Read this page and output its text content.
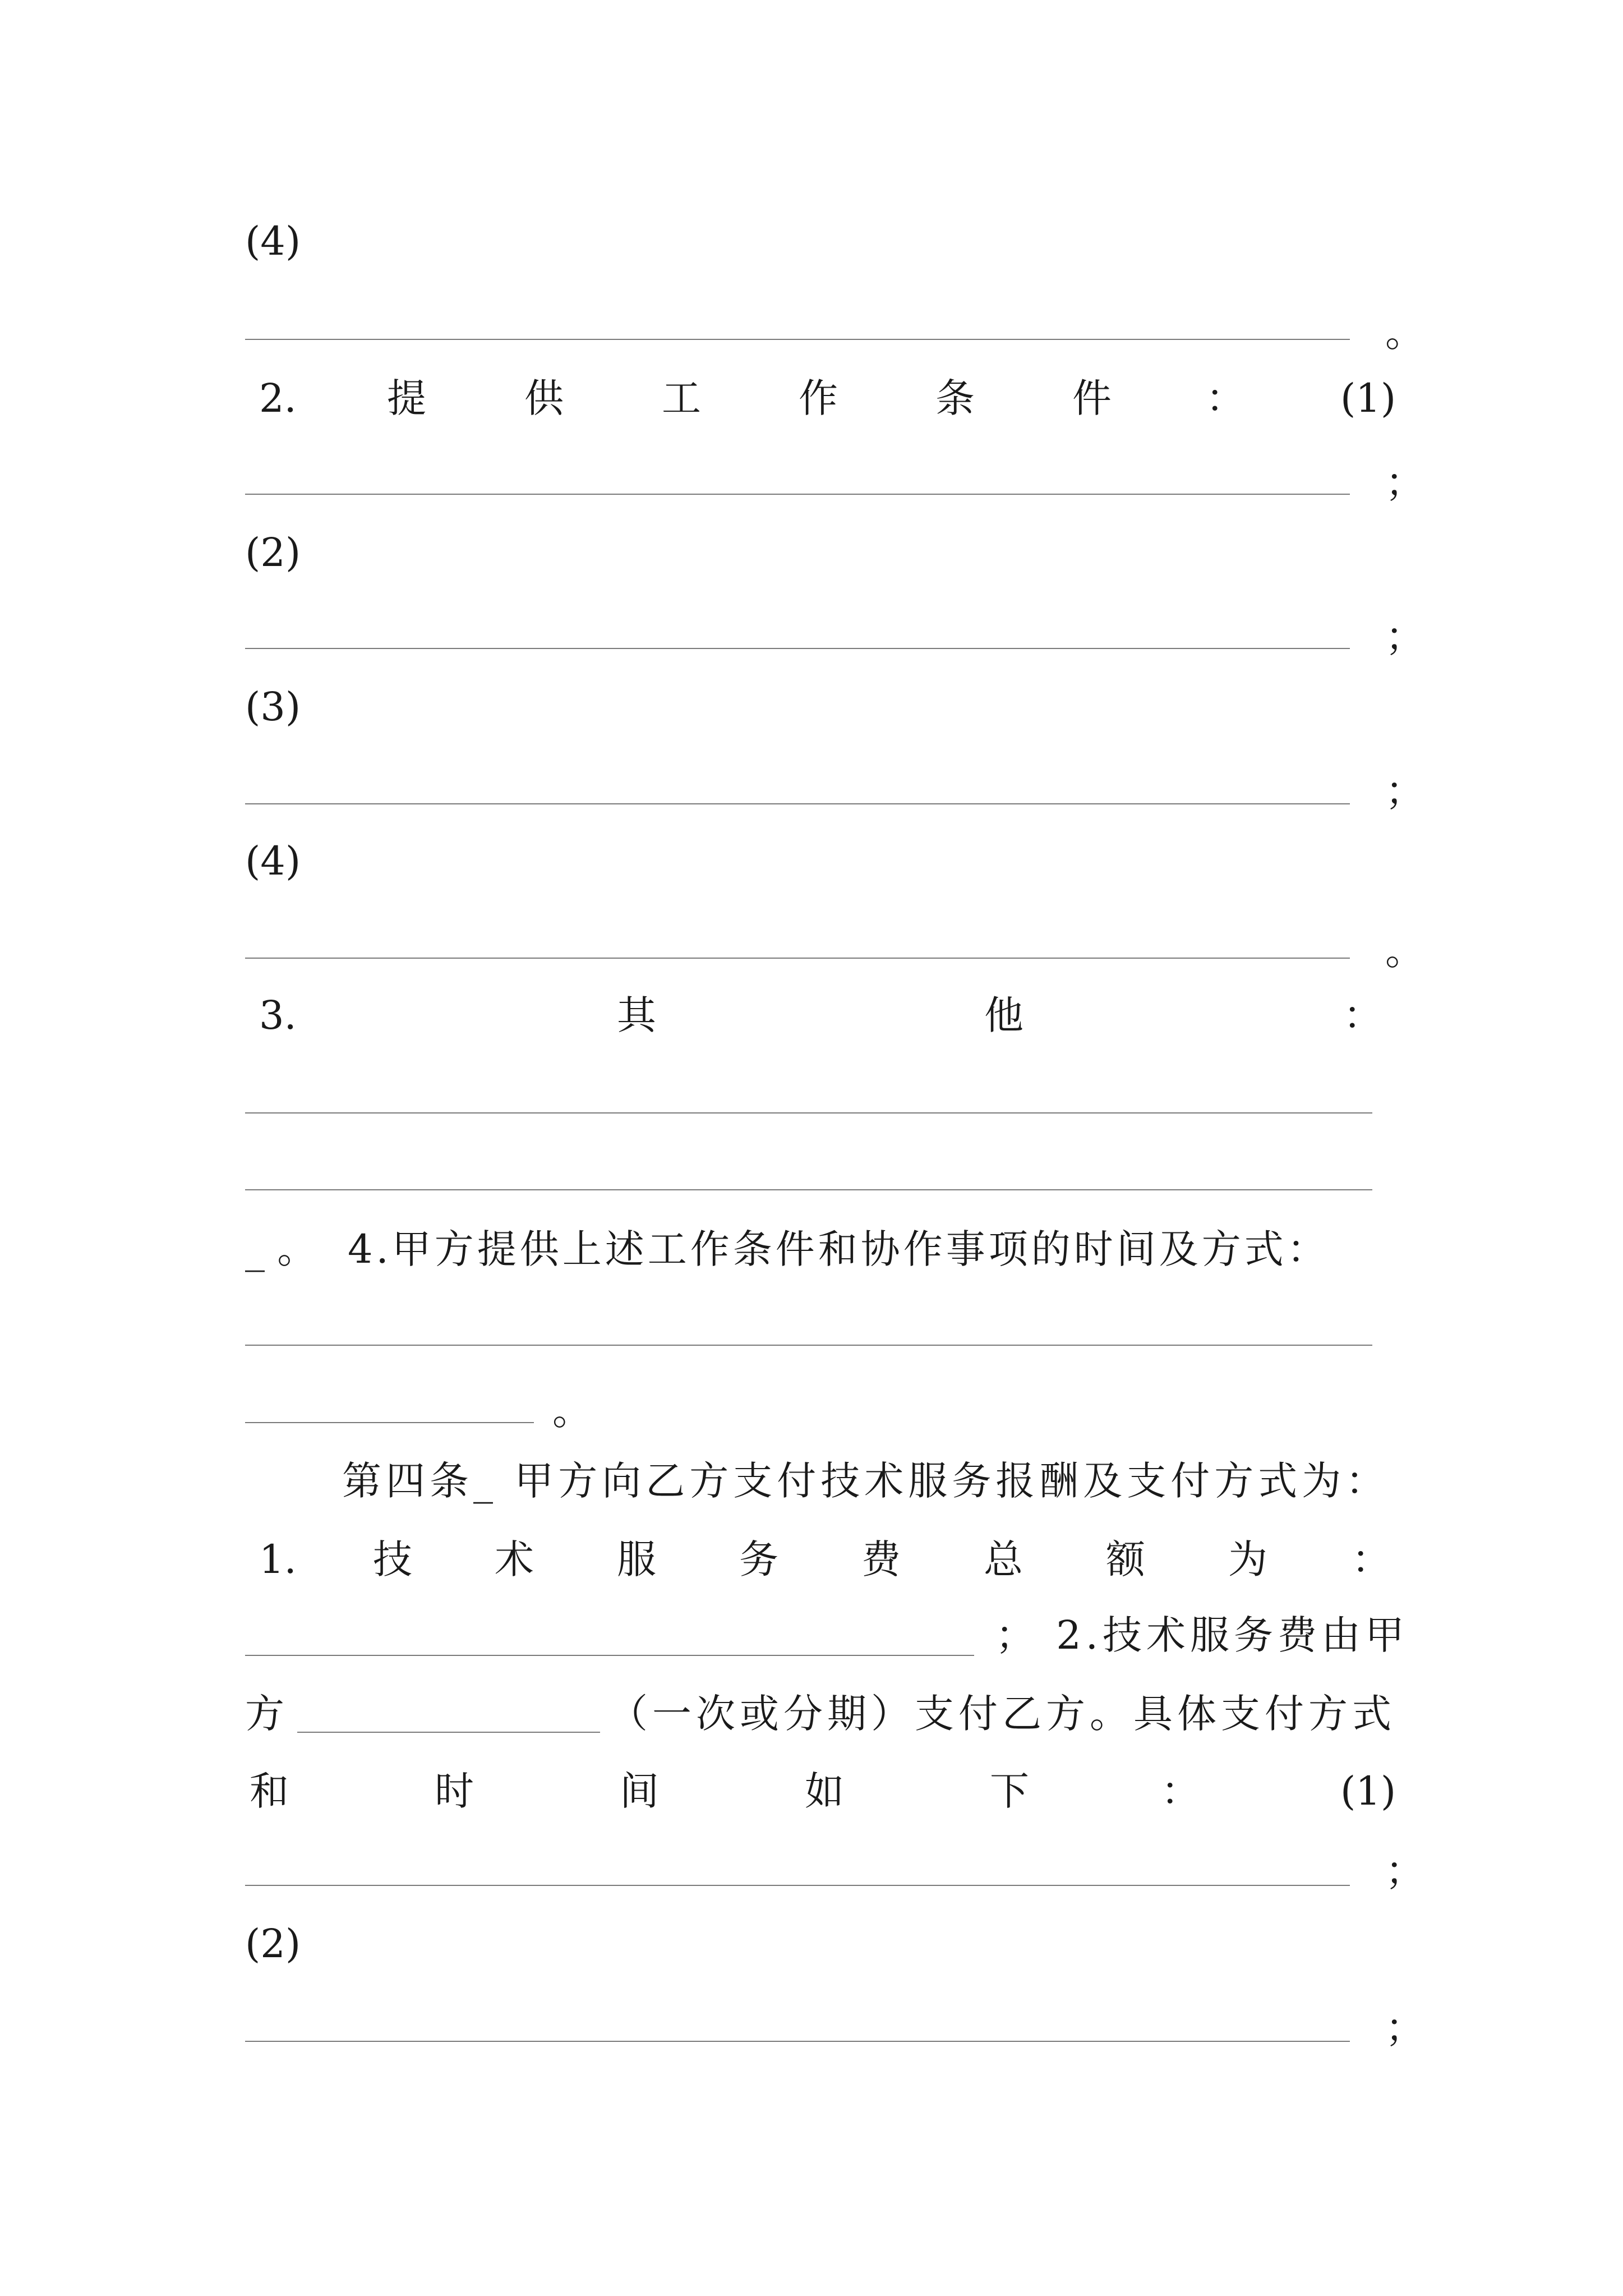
(4)
。
2. 提	供	工 作 条 件 ： (1)
；
(2)
；
(3)
；
(4)
。
3.	其	他	：
_ 。 4.甲方提供上述工作条件和协作事项的时间及方式：
。
第四条_ 甲方向乙方支付技术服务报酬及支付方式为：
1. 技 术 服 务 费 总 额 为 ：
； 2.技术服务费由甲
方	（一次或分期）支付乙方。具体支付方式
和	时	间	如	下	：	(1)
；
(2)
；
